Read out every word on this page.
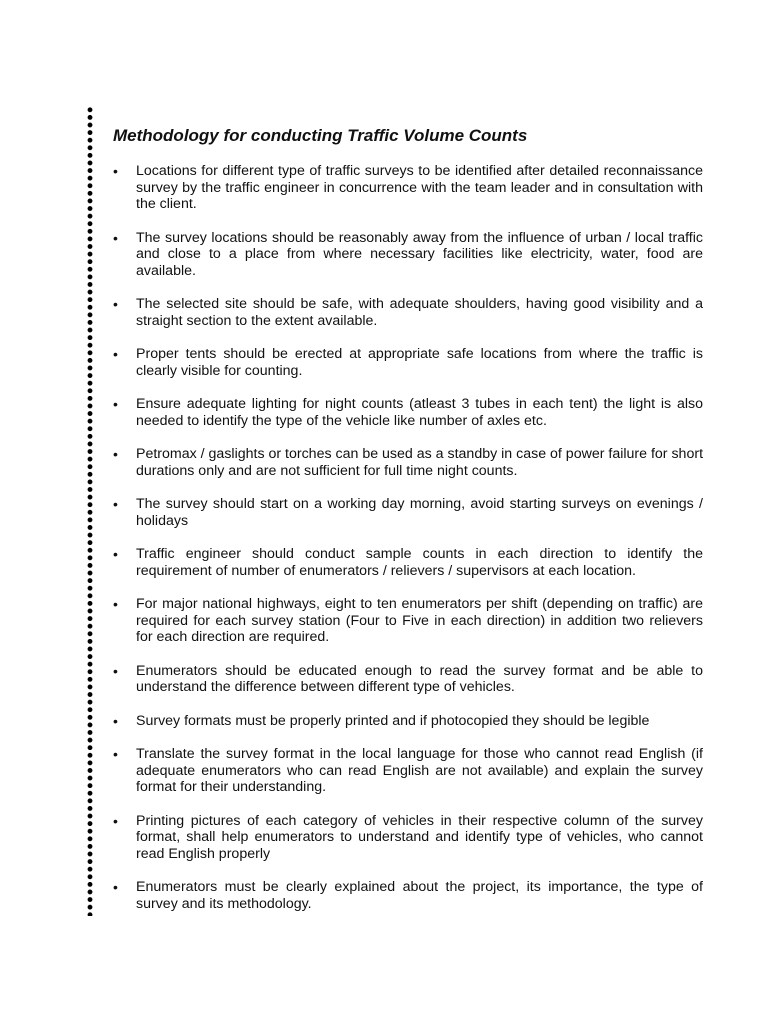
Methodology for conducting Traffic Volume Counts
• Locations for different type of traffic surveys to be identified after detailed reconnaissance survey by the traffic engineer in concurrence with the team leader and in consultation with the client.
• The survey locations should be reasonably away from the influence of urban / local traffic and close to a place from where necessary facilities like electricity, water, food are available.
• The selected site should be safe, with adequate shoulders, having good visibility and a straight section to the extent available.
• Proper tents should be erected at appropriate safe locations from where the traffic is clearly visible for counting.
• Ensure adequate lighting for night counts (atleast 3 tubes in each tent) the light is also needed to identify the type of the vehicle like number of axles etc.
• Petromax / gaslights or torches can be used as a standby in case of power failure for short durations only and are not sufficient for full time night counts.
• The survey should start on a working day morning, avoid starting surveys on evenings / holidays
• Traffic engineer should conduct sample counts in each direction to identify the requirement of number of enumerators / relievers / supervisors at each location.
• For major national highways, eight to ten enumerators per shift (depending on traffic) are required for each survey station (Four to Five in each direction) in addition two relievers for each direction are required.
• Enumerators should be educated enough to read the survey format and be able to understand the difference between different type of vehicles.
• Survey formats must be properly printed and if photocopied they should be legible
• Translate the survey format in the local language for those who cannot read English (if adequate enumerators who can read English are not available) and explain the survey format for their understanding.
• Printing pictures of each category of vehicles in their respective column of the survey format, shall help enumerators to understand and identify type of vehicles, who cannot read English properly
• Enumerators must be clearly explained about the project, its importance, the type of survey and its methodology.
